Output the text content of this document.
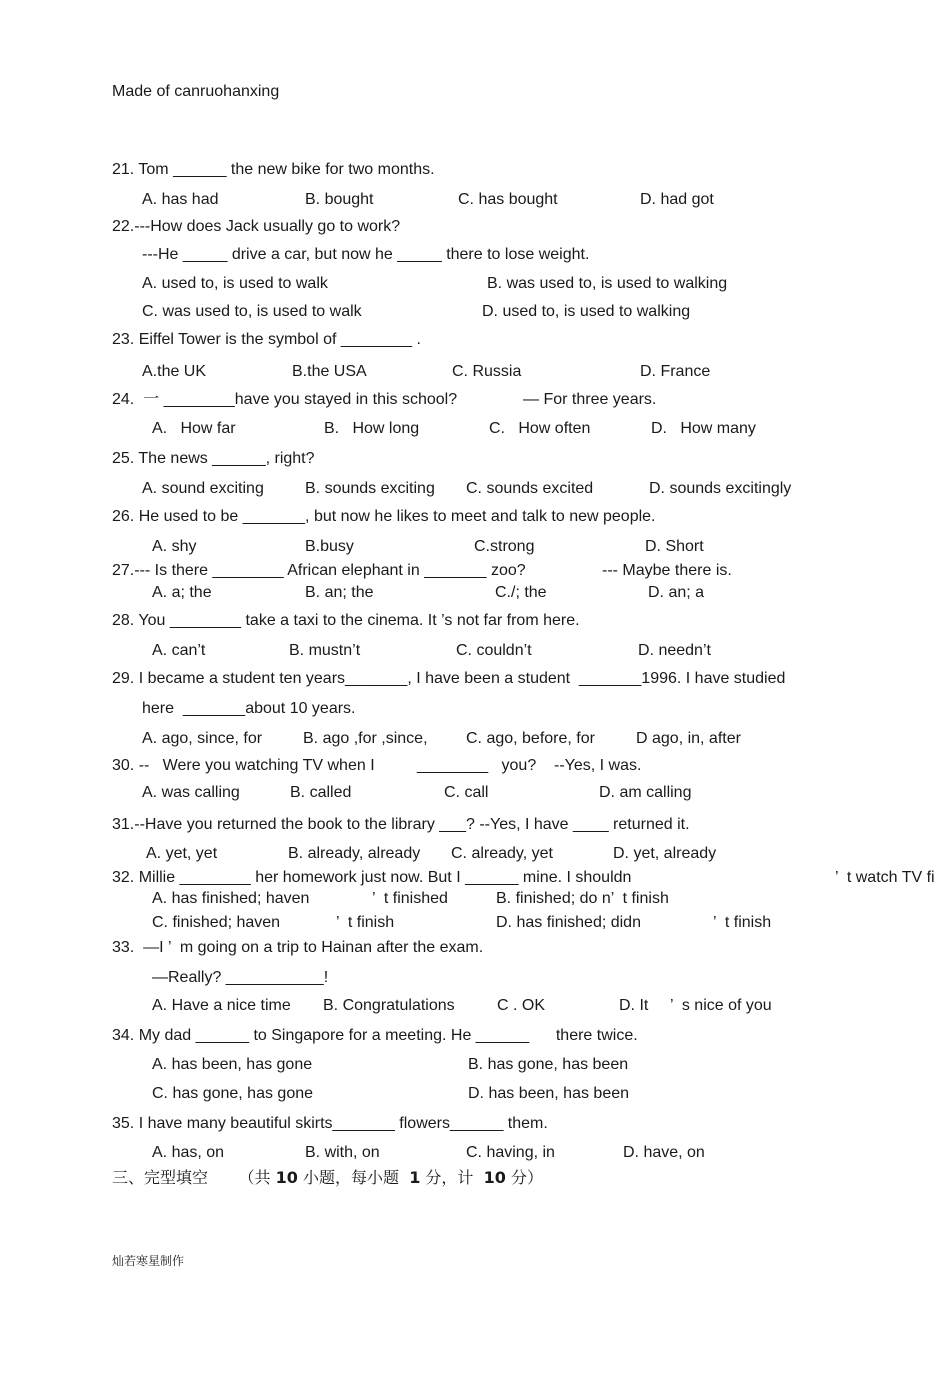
Made of canruohanxing
21. Tom ______ the new bike for two months.
A. has had	B. bought	C. has bought	D. had got
22.---How does Jack usually go to work?
---He _____ drive a car, but now he _____ there to lose weight.
A. used to, is used to walk	B. was used to, is used to walking
C. was used to, is used to walk	D. used to, is used to walking
23. Eiffel Tower is the symbol of ________ .
A.the UK	B.the USA	C. Russia	D. France
24.  一 ________have you stayed in this school?	— For three years.
A.   How far	B.   How long	C.   How often	D.   How many
25. The news ______, right?
A. sound exciting	B. sounds exciting C. sounds excited	D. sounds excitingly
26. He used to be _______, but now he likes to meet and talk to new people.
A. shy	B.busy	C.strong	D. Short
27.--- Is there ________ African elephant in _______ zoo?	--- Maybe there is.
A. a; the	B. an; the	C./; the	D. an; a
28. You ________ take a taxi to the cinema. It ’s not far from here.
A. can’t	B. mustn’t	C. couldn’t	D. needn’t
29. I became a student ten years_______, I have been a student  _______1996. I have studied
here  _______about 10 years.
A. ago, since, for	B. ago ,for ,since, C. ago, before, for	D ago, in, after
30. --   Were you watching TV when I	________   you?    --Yes, I was.
A. was calling	B. called	C. call	D. am calling
31.--Have you returned the book to the library ___? --Yes, I have ____ returned it.
A. yet, yet	B. already, already C. already, yet	D. yet, already
32. Millie ________ her homework just now. But I ______ mine. I shouldn	’  t watch TV fi
A. has finished; haven	’  t finished	B. finished; do n’  t finish
C. finished; haven	’  t finish	D. has finished; didn	’  t finish
33.  —I ’  m going on a trip to Hainan after the exam.
—Really? ___________!
A. Have a nice time B. Congratulations	C . OK	D. It ’  s nice of you
34. My dad ______ to Singapore for a meeting. He ______      there twice.
A. has been, has gone	B. has gone, has been
C. has gone, has gone	D. has been, has been
35. I have many beautiful skirts_______ flowers______ them.
A. has, on	B. with, on	C. having, in	D. have, on
三、完型填空 （共 10 小题，每小题 1 分，计 10 分）
灿若寒星制作
